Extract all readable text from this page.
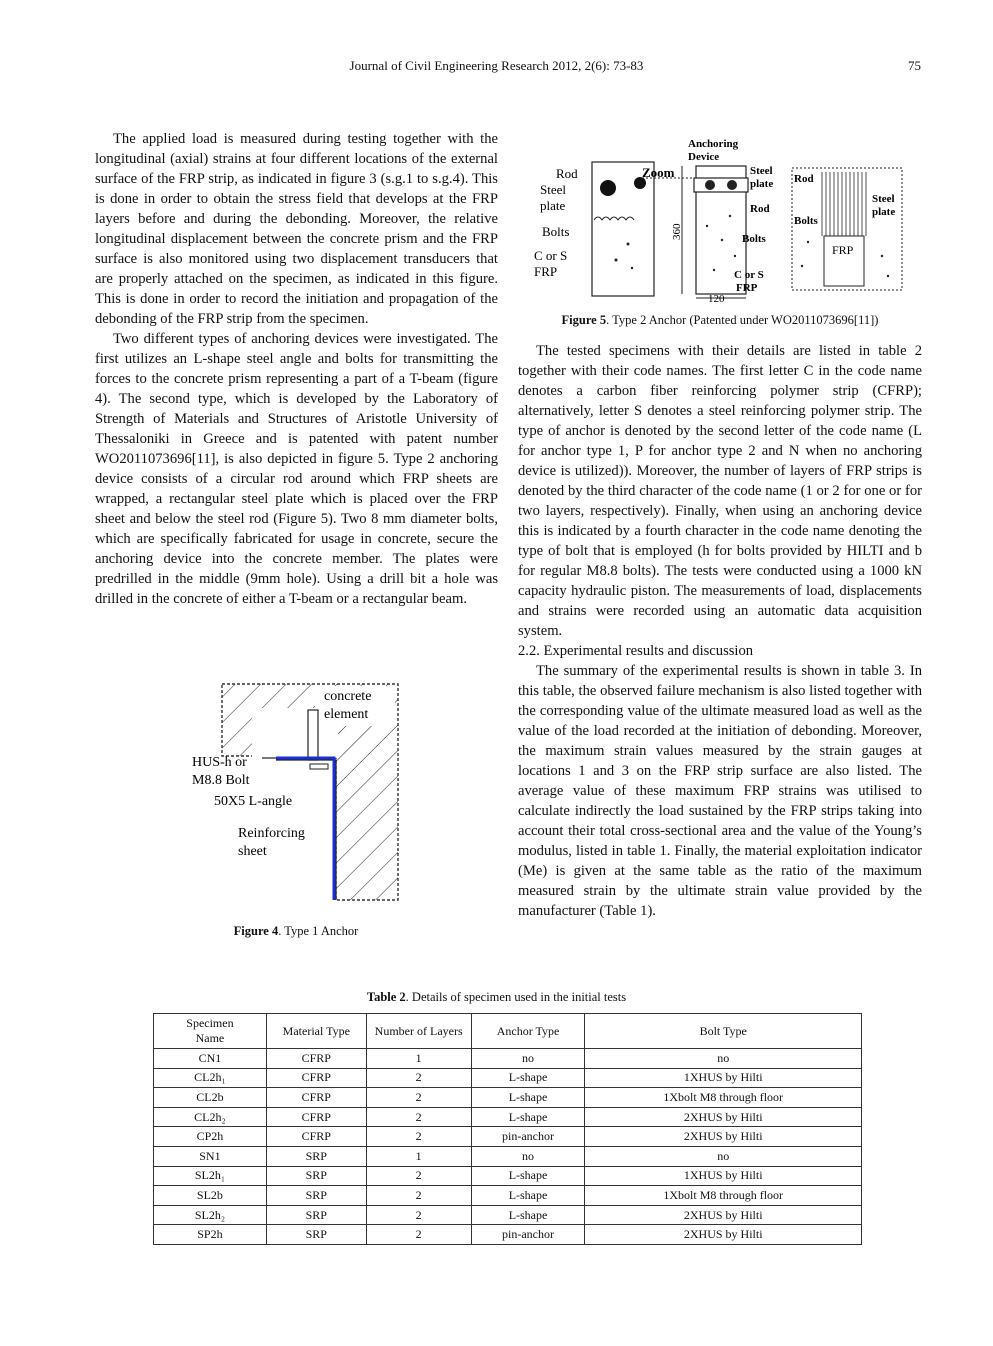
Journal of Civil Engineering Research 2012, 2(6): 73-83	75

The applied load is measured during testing together with the longitudinal (axial) strains at four different locations of the external surface of the FRP strip, as indicated in figure 3 (s.g.1 to s.g.4). This is done in order to obtain the stress field that develops at the FRP layers before and during the debonding. Moreover, the relative longitudinal displacement between the concrete prism and the FRP surface is also monitored using two displacement transducers that are properly attached on the specimen, as indicated in this figure. This is done in order to record the initiation and propagation of the debonding of the FRP strip from the specimen.

Two different types of anchoring devices were investigated. The first utilizes an L-shape steel angle and bolts for transmitting the forces to the concrete prism representing a part of a T-beam (figure 4). The second type, which is developed by the Laboratory of Strength of Materials and Structures of Aristotle University of Thessaloniki in Greece and is patented with patent number WO2011073696[11], is also depicted in figure 5. Type 2 anchoring device consists of a circular rod around which FRP sheets are wrapped, a rectangular steel plate which is placed over the FRP sheet and below the steel rod (Figure 5). Two 8 mm diameter bolts, which are specifically fabricated for usage in concrete, secure the anchoring device into the concrete member. The plates were predrilled in the middle (9mm hole). Using a drill bit a hole was drilled in the concrete of either a T-beam or a rectangular beam.

concrete
element
HUS-h or
M8.8 Bolt
50X5 L-angle
Reinforcing
sheet
Figure 4. Type 1 Anchor
Anchoring
Device
Rod
Steel
plate
Bolts
C or S
FRP
Zoom	Steel
plate
Rod
Bolts
C or S
FRP
360
120
Rod
Steel
plate
Bolts
FRP
Figure 5. Type 2 Anchor (Patented under WO2011073696[11])

The tested specimens with their details are listed in table 2 together with their code names. The first letter C in the code name denotes a carbon fiber reinforcing polymer strip (CFRP); alternatively, letter S denotes a steel reinforcing polymer strip. The type of anchor is denoted by the second letter of the code name (L for anchor type 1, P for anchor type 2 and N when no anchoring device is utilized)). Moreover, the number of layers of FRP strips is denoted by the third character of the code name (1 or 2 for one or for two layers, respectively). Finally, when using an anchoring device this is indicated by a fourth character in the code name denoting the type of bolt that is employed (h for bolts provided by HILTI and b for regular M8.8 bolts). The tests were conducted using a 1000 kN capacity hydraulic piston. The measurements of load, displacements and strains were recorded using an automatic data acquisition system.

2.2. Experimental results and discussion

The summary of the experimental results is shown in table 3. In this table, the observed failure mechanism is also listed together with the corresponding value of the ultimate measured load as well as the value of the load recorded at the initiation of debonding. Moreover, the maximum strain values measured by the strain gauges at locations 1 and 3 on the FRP strip surface are also listed. The average value of these maximum FRP strains was utilised to calculate indirectly the load sustained by the FRP strips taking into account their total cross-sectional area and the value of the Young’s modulus, listed in table 1. Finally, the material exploitation indicator (Me) is given at the same table as the ratio of the maximum measured strain by the ultimate strain value provided by the manufacturer (Table 1).

Table 2. Details of specimen used in the initial tests
Specimen
Name	Material Type	Number of Layers	Anchor Type	Bolt Type
CN1	CFRP	1	no	no
CL2h₁	CFRP	2	L-shape	1XHUS by Hilti
CL2b	CFRP	2	L-shape	1Xbolt M8 through floor
CL2h₂	CFRP	2	L-shape	2XHUS by Hilti
CP2h	CFRP	2	pin-anchor	2XHUS by Hilti
SN1	SRP	1	no	no
SL2h₁	SRP	2	L-shape	1XHUS by Hilti
SL2b	SRP	2	L-shape	1Xbolt M8 through floor
SL2h₂	SRP	2	L-shape	2XHUS by Hilti
SP2h	SRP	2	pin-anchor	2XHUS by Hilti
